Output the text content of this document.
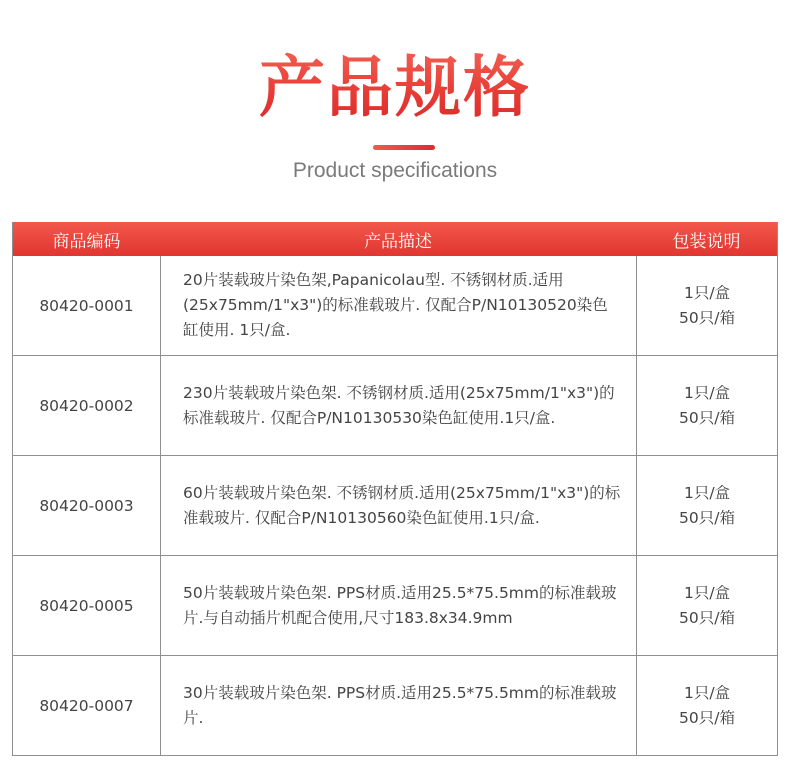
产品规格
Product specifications
商品编码	产品描述	包装说明
80420-0001
20片装载玻片染色架,Papanicolau型. 不锈钢材质.适用(25x75mm/1"x3")的标准载玻片. 仅配合P/N10130520染色缸使用. 1只/盒.
1只/盒
50只/箱
80420-0002
230片装载玻片染色架. 不锈钢材质.适用(25x75mm/1"x3")的标准载玻片. 仅配合P/N10130530染色缸使用.1只/盒.
1只/盒
50只/箱
80420-0003
60片装载玻片染色架. 不锈钢材质.适用(25x75mm/1"x3")的标准载玻片. 仅配合P/N10130560染色缸使用.1只/盒.
1只/盒
50只/箱
80420-0005
50片装载玻片染色架. PPS材质.适用25.5*75.5mm的标准载玻片.与自动插片机配合使用,尺寸183.8x34.9mm
1只/盒
50只/箱
80420-0007
30片装载玻片染色架. PPS材质.适用25.5*75.5mm的标准载玻片.
1只/盒
50只/箱
